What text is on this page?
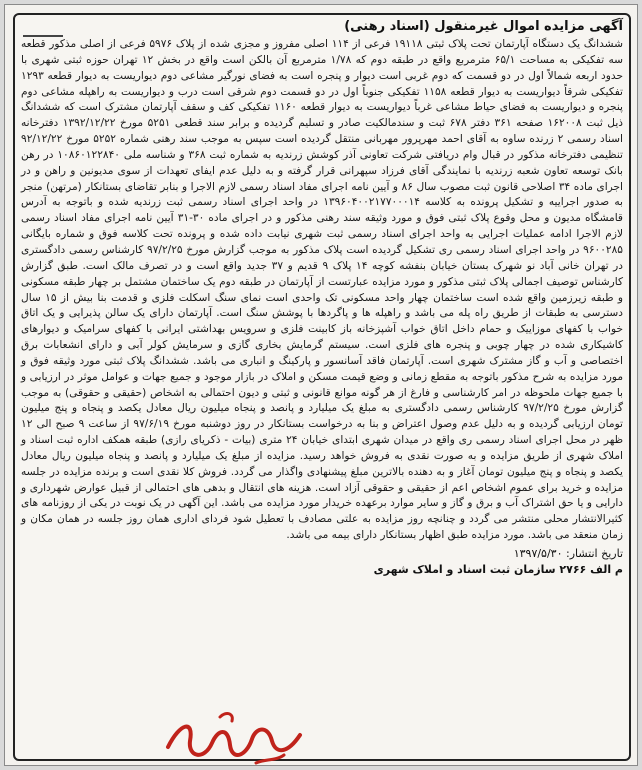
آگهی مزایده اموال غیرمنقول (اسناد رهنی)

ششدانگ یک دستگاه آپارتمان تحت پلاک ثبتی ۱۹۱۱۸ فرعی از ۱۱۴ اصلی مفروز و مجزی شده از پلاک ۵۹۷۶ فرعی از اصلی مذکور قطعه سه تفکیکی به مساحت ۶۵/۱ مترمربع واقع در طبقه دوم که ۱/۷۸ مترمربع آن بالکن است واقع در بخش ۱۲ تهران حوزه ثبتی شهری با حدود اربعه شمالاً اول در دو قسمت که دوم غربی است دیوار و پنجره است به فضای نورگیر مشاعی دوم دیواریست به دیوار قطعه ۱۲۹۳ تفکیکی شرقاً دیواریست به دیوار قطعه ۱۱۵۸ تفکیکی جنوباً اول در دو قسمت دوم شرقی است درب و دیواریست به راهپله مشاعی دوم پنجره و دیواریست به فضای حیاط مشاعی غرباً دیواریست به دیوار قطعه ۱۱۶۰ تفکیکی کف و سقف آپارتمان مشترک است که ششدانگ ذیل ثبت ۱۶۲۰۰۸ صفحه ۳۶۱ دفتر ۶۷۸ ثبت و سندمالکیت صادر و تسلیم گردیده و برابر سند قطعی ۵۲۵۱ مورخ ۱۳۹۲/۱۲/۲۲ دفترخانه اسناد رسمی ۲ زرنده ساوه به آقای احمد مهرپرور مهربانی منتقل گردیده است سپس به موجب سند رهنی شماره ۵۲۵۲ مورخ ۹۲/۱۲/۲۲ تنظیمی دفترخانه مذکور در قبال وام دریافتی شرکت تعاونی آذر کوشش زرندیه به شماره ثبت ۳۶۸ و شناسه ملی ۱۰۸۶۰۱۲۲۸۴۰ در رهن بانک توسعه تعاون شعبه زرندیه با نمایندگی آقای فرزاد سپهرانی قرار گرفته و به دلیل عدم ایفای تعهدات از سوی مدیونین و راهن و در اجرای ماده ۳۴ اصلاحی قانون ثبت مصوب سال ۸۶ و آیین نامه اجرای مفاد اسناد رسمی لازم الاجرا و بنابر تقاضای بستانکار (مرتهن) منجر به صدور اجراییه و تشکیل پرونده به کلاسه ۱۳۹۶۰۴۰۰۲۱۷۷۰۰۰۱۴ در واحد اجرای اسناد رسمی ثبت زرندیه شده و باتوجه به آدرس قامشگاه مدیون و محل وقوع پلاک ثبتی فوق و مورد وثیقه سند رهنی مذکور و در اجرای ماده ۳۰-۳۱ آیین نامه اجرای مفاد اسناد رسمی لازم الاجرا ادامه عملیات اجرایی به واحد اجرای اسناد رسمی ثبت شهری نیابت داده شده و پرونده تحت کلاسه فوق و شماره بایگانی ۹۶۰۰۲۸۵ در واحد اجرای اسناد رسمی ری تشکیل گردیده است پلاک مذکور به موجب گزارش مورخ ۹۷/۲/۲۵ کارشناس رسمی دادگستری در تهران خانی آباد نو شهرک بستان خیابان بنفشه کوچه ۱۴ پلاک ۹ قدیم و ۳۷ جدید واقع است و در تصرف مالک است. طبق گزارش کارشناس توصیف اجمالی پلاک ثبتی مذکور و مورد مزایده عبارتست از آپارتمان در طبقه دوم یک ساختمان مشتمل بر چهار طبقه مسکونی و طبقه زیرزمین واقع شده است ساختمان چهار واحد مسکونی تک واحدی است نمای سنگ اسکلت فلزی و قدمت بنا بیش از ۱۵ سال دسترسی به طبقات از طریق راه پله می باشد و راهپله ها و پاگردها با پوشش سنگ است. آپارتمان دارای یک سالن پذیرایی و یک اتاق خواب با کفهای موزاییک و حمام داخل اتاق خواب آشپزخانه باز کابینت فلزی و سرویس بهداشتی ایرانی با کفهای سرامیک و دیوارهای کاشیکاری شده در چهار چوبی و پنجره های فلزی است. سیستم گرمایش بخاری گازی و سرمایش کولر آبی و دارای انشعابات برق اختصاصی و آب و گاز مشترک شهری است. آپارتمان فاقد آسانسور و پارکینگ و انباری می باشد. ششدانگ پلاک ثبتی مورد وثیقه فوق و مورد مزایده به شرح مذکور باتوجه به مقطع زمانی و وضع قیمت مسکن و املاک در بازار موجود و جمیع جهات و عوامل موثر در ارزیابی و با جمیع جهات ملحوظه در امر کارشناسی و فارغ از هر گونه موانع قانونی و ثبتی و دیون احتمالی به اشخاص (حقیقی و حقوقی) به موجب گزارش مورخ ۹۷/۲/۲۵ کارشناس رسمی دادگستری به مبلغ یک میلیارد و پانصد و پنجاه میلیون ریال معادل یکصد و پنجاه و پنج میلیون تومان ارزیابی گردیده و به دلیل عدم وصول اعتراض و بنا به درخواست بستانکار در روز دوشنبه مورخ ۹۷/۶/۱۹ از ساعت ۹ صبح الی ۱۲ ظهر در محل اجرای اسناد رسمی ری واقع در میدان شهری ابتدای خیابان ۲۴ متری (بیات - ذکریای رازی) طبقه همکف اداره ثبت اسناد و املاک شهری از طریق مزایده و به صورت نقدی به فروش خواهد رسید. مزایده از مبلغ یک میلیارد و پانصد و پنجاه میلیون ریال معادل یکصد و پنجاه و پنج میلیون تومان آغاز و به دهنده بالاترین مبلغ پیشنهادی واگذار می گردد. فروش کلا نقدی است و برنده مزایده در جلسه مزایده و خرید برای عموم اشخاص اعم از حقیقی و حقوقی آزاد است. هزینه های انتقال و بدهی های احتمالی از قبیل عوارض شهرداری و دارایی و یا حق اشتراک آب و برق و گاز و سایر موارد برعهده خریدار مورد مزایده می باشد. این آگهی در یک نوبت در یکی از روزنامه های کثیرالانتشار محلی منتشر می گردد و چنانچه روز مزایده به علتی مصادف با تعطیل شود فردای اداری همان روز جلسه در همان مکان و زمان منعقد می باشد. مورد مزایده طبق اظهار بستانکار دارای بیمه می باشد.

تاریخ انتشار: ۱۳۹۷/۵/۳۰
م الف ۲۷۶۶ سازمان ثبت اسناد و املاک شهری
